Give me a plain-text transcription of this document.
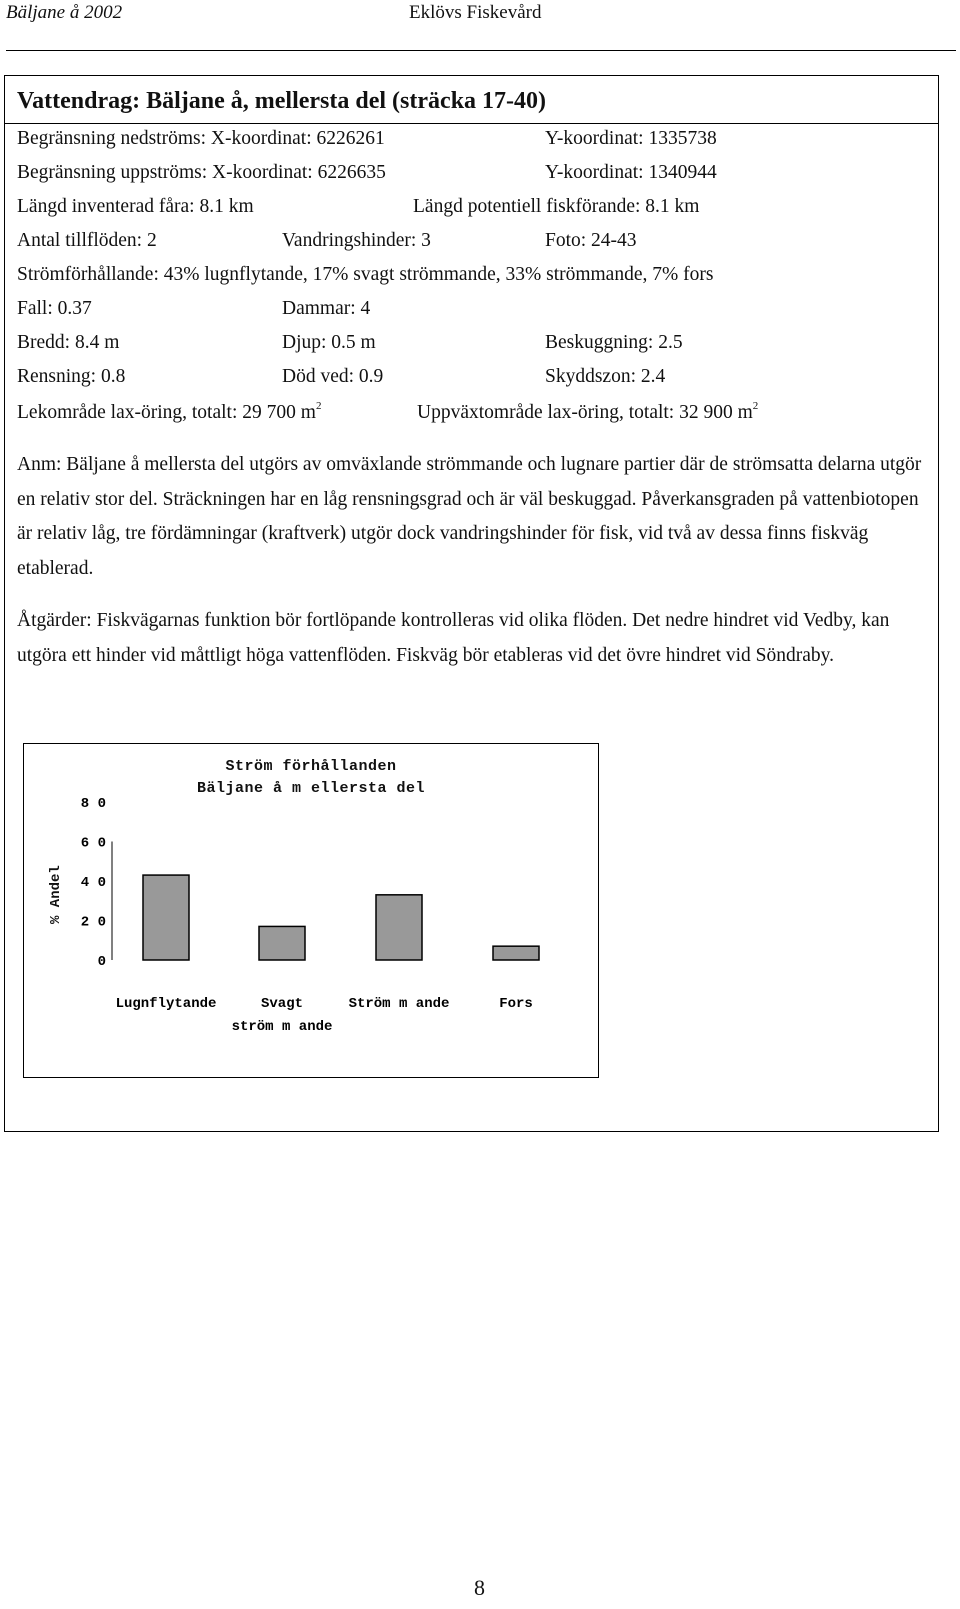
Bäljane å 2002	Eklövs Fiskevård
Vattendrag: Bäljane å, mellersta del (sträcka 17-40)
Begränsning nedströms: X-koordinat: 6226261	Y-koordinat: 1335738
Begränsning uppströms: X-koordinat: 6226635	Y-koordinat: 1340944
Längd inventerad fåra: 8.1 km	Längd potentiell fiskförande: 8.1 km
Antal tillflöden: 2	Vandringshinder: 3	Foto: 24-43
Strömförhållande: 43% lugnflytande, 17% svagt strömmande, 33% strömmande, 7% fors
Fall: 0.37	Dammar: 4
Bredd: 8.4 m	Djup: 0.5 m	Beskuggning: 2.5
Rensning: 0.8	Död ved: 0.9	Skyddszon: 2.4
Lekområde lax-öring, totalt: 29 700 $m^2$	Uppväxtområde lax-öring, totalt: 32 900 $m^2$
Anm: Bäljane å mellersta del utgörs av omväxlande strömmande och lugnare partier där de strömsatta delarna utgör en relativ stor del. Sträckningen har en låg rensningsgrad och är väl beskuggad. Påverkansgraden på vattenbiotopen är relativ låg, tre fördämningar (kraftverk) utgör dock vandringshinder för fisk, vid två av dessa finns fiskväg etablerad.
Åtgärder: Fiskvägarnas funktion bör fortlöpande kontrolleras vid olika flöden. Det nedre hindret vid Vedby, kan utgöra ett hinder vid måttligt höga vattenflöden. Fiskväg bör etableras vid det övre hindret vid Söndraby.
Ström förhållanden
Bäljane å m ellersta del
% Andel
0
2 0
4 0
6 0
8 0
Lugnflytande	Svagt
ström m ande
Ström m ande	Fors
8
